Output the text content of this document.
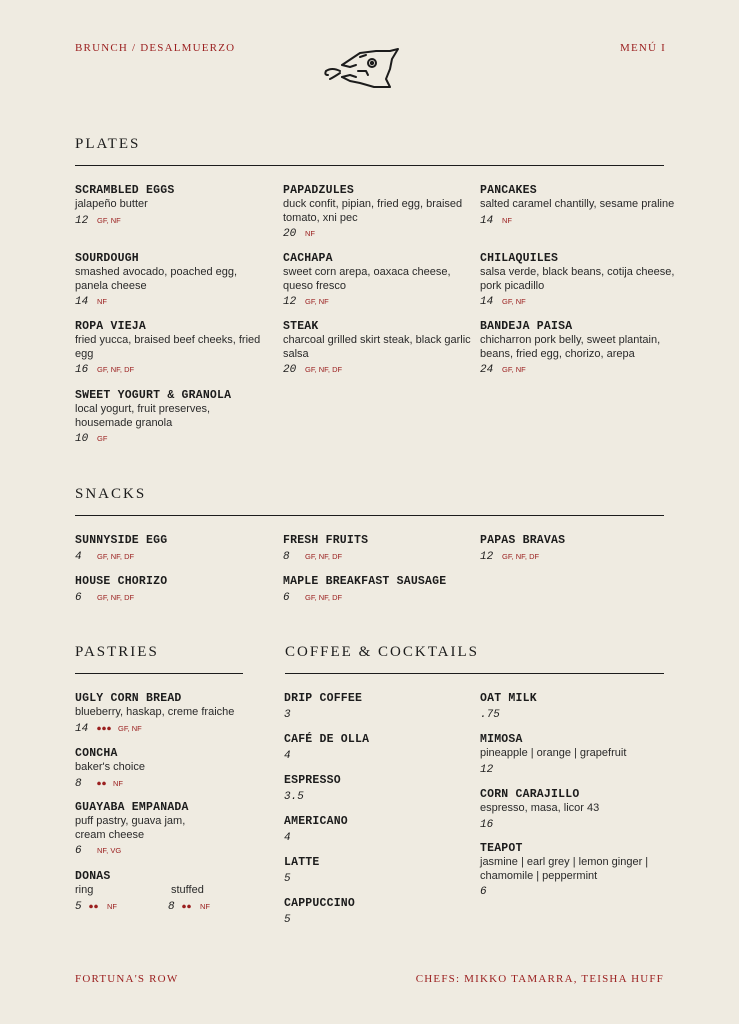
BRUNCH / DESALMUERZO	MENÚ I
PLATES
SCRAMBLED EGGS
jalapeño butter
12 GF, NF
PAPADZULES
duck confit, pipian, fried egg, braised tomato, xni pec
20 NF
PANCAKES
salted caramel chantilly, sesame praline
14 NF
SOURDOUGH
smashed avocado, poached egg, panela cheese
14 NF
CACHAPA
sweet corn arepa, oaxaca cheese, queso fresco
12 GF, NF
CHILAQUILES
salsa verde, black beans, cotija cheese, pork picadillo
14 GF, NF
ROPA VIEJA
fried yucca, braised beef cheeks, fried egg
16 GF, NF, DF
STEAK
charcoal grilled skirt steak, black garlic salsa
20 GF, NF, DF
BANDEJA PAISA
chicharron pork belly, sweet plantain, beans, fried egg, chorizo, arepa
24 GF, NF
SWEET YOGURT & GRANOLA
local yogurt, fruit preserves, housemade granola
10 GF
SNACKS
SUNNYSIDE EGG
4 GF, NF, DF
FRESH FRUITS
8 GF, NF, DF
PAPAS BRAVAS
12 GF, NF, DF
HOUSE CHORIZO
6 GF, NF, DF
MAPLE BREAKFAST SAUSAGE
6 GF, NF, DF
PASTRIES
UGLY CORN BREAD
blueberry, haskap, creme fraiche
14 ⏺⏺⏺ GF, NF
CONCHA
baker's choice
8 ⏺⏺ NF
GUAYABA EMPANADA
puff pastry, guava jam, cream cheese
6 NF, VG
DONAS
ring	stuffed
5 ⏺⏺ NF	8 ⏺⏺ NF
COFFEE & COCKTAILS
DRIP COFFEE
3
CAFÉ DE OLLA
4
ESPRESSO
3.5
AMERICANO
4
LATTE
5
CAPPUCCINO
5
OAT MILK
.75
MIMOSA
pineapple | orange | grapefruit
12
CORN CARAJILLO
espresso, masa, licor 43
16
TEAPOT
jasmine | earl grey | lemon ginger | chamomile | peppermint
6
FORTUNA'S ROW	CHEFS: MIKKO TAMARRA, TEISHA HUFF
